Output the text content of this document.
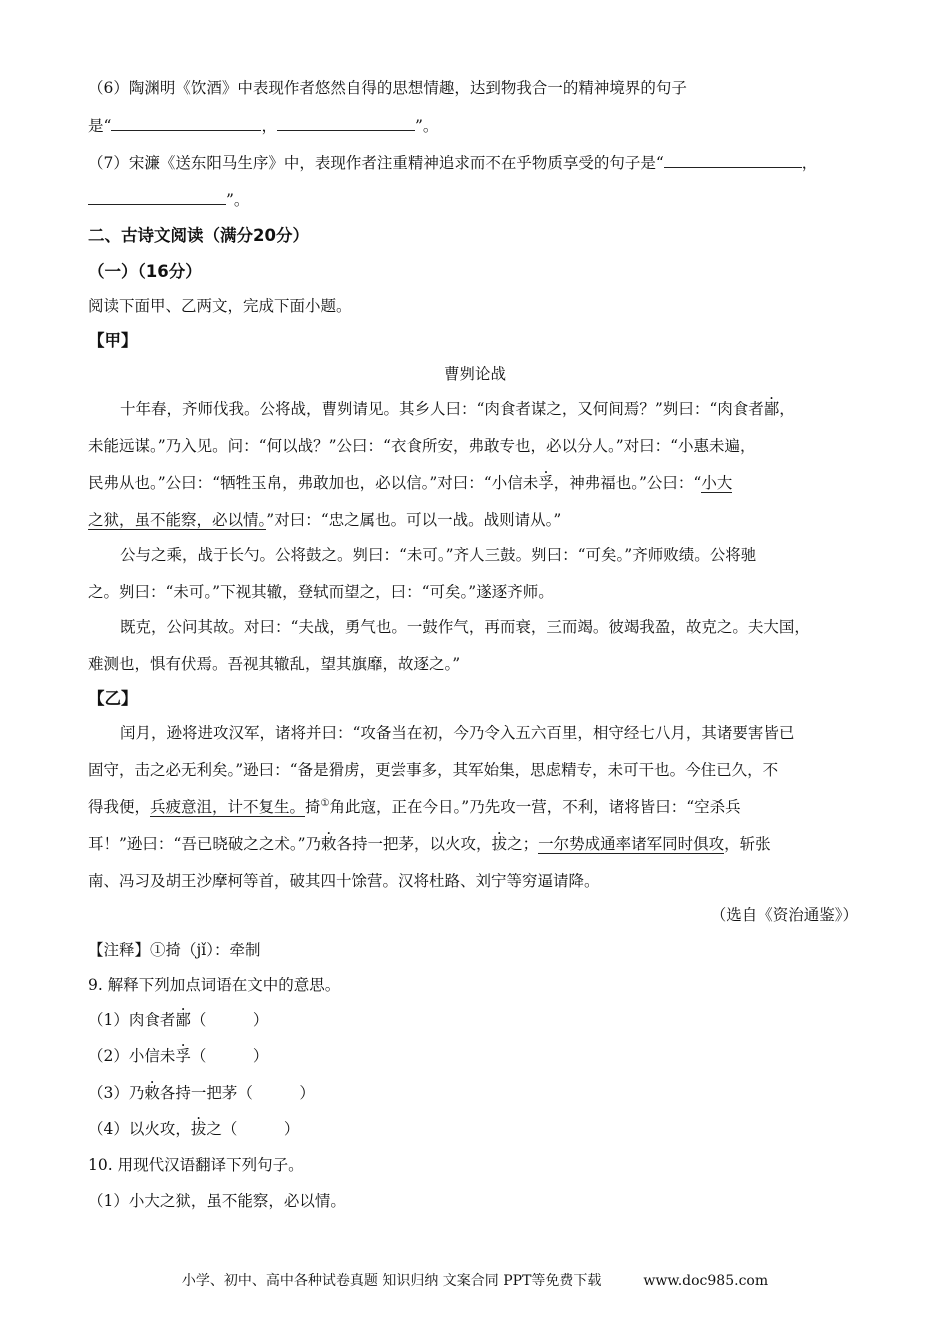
（6）陶渊明《饮酒》中表现作者悠然自得的思想情趣，达到物我合一的精神境界的句子
是“	，	”。
（7）宋濂《送东阳马生序》中，表现作者注重精神追求而不在乎物质享受的句子是“	，
”。
二、古诗文阅读（满分20分）
（一）（16分）
阅读下面甲、乙两文，完成下面小题。
【甲】
曹刿论战
十年春，齐师伐我。公将战，曹刿请见。其乡人曰：“肉食者谋之，又何间焉？”刿曰：“肉食者鄙，
未能远谋。”乃入见。问：“何以战？”公曰：“衣食所安，弗敢专也，必以分人。”对曰：“小惠未遍，
民弗从也。”公曰：“牺牲玉帛，弗敢加也，必以信。”对曰：“小信未孚，神弗福也。”公曰：“小大
之狱，虽不能察，必以情。”对曰：“忠之属也。可以一战。战则请从。”
公与之乘，战于长勺。公将鼓之。刿曰：“未可。”齐人三鼓。刿曰：“可矣。”齐师败绩。公将驰
之。刿曰：“未可。”下视其辙，登轼而望之，曰：“可矣。”遂逐齐师。
既克，公问其故。对曰：“夫战，勇气也。一鼓作气，再而衰，三而竭。彼竭我盈，故克之。夫大国，
难测也，惧有伏焉。吾视其辙乱，望其旗靡，故逐之。”
【乙】
闰月，逊将进攻汉军，诸将并曰：“攻备当在初，今乃令入五六百里，相守经七八月，其诸要害皆已
固守，击之必无利矣。”逊曰：“备是猾虏，更尝事多，其军始集，思虑精专，未可干也。今住已久，不
得我便，兵疲意沮，计不复生。掎①角此寇，正在今日。”乃先攻一营，不利，诸将皆曰：“空杀兵
耳！”逊曰：“吾已晓破之之术。”乃敕各持一把茅，以火攻，拔之；一尔势成通率诸军同时俱攻，斩张
南、冯习及胡王沙摩柯等首，破其四十馀营。汉将杜路、刘宁等穷逼请降。
（选自《资治通鉴》）
【注释】①掎（jǐ）：牵制
9. 解释下列加点词语在文中的意思。
（1）肉食者鄙（　　　）
（2）小信未孚（　　　）
（3）乃敕各持一把茅（　　　）
（4）以火攻，拔之（　　　）
10. 用现代汉语翻译下列句子。
（1）小大之狱，虽不能察，必以情。
小学、初中、高中各种试卷真题 知识归纳 文案合同 PPT等免费下载	www.doc985.com
